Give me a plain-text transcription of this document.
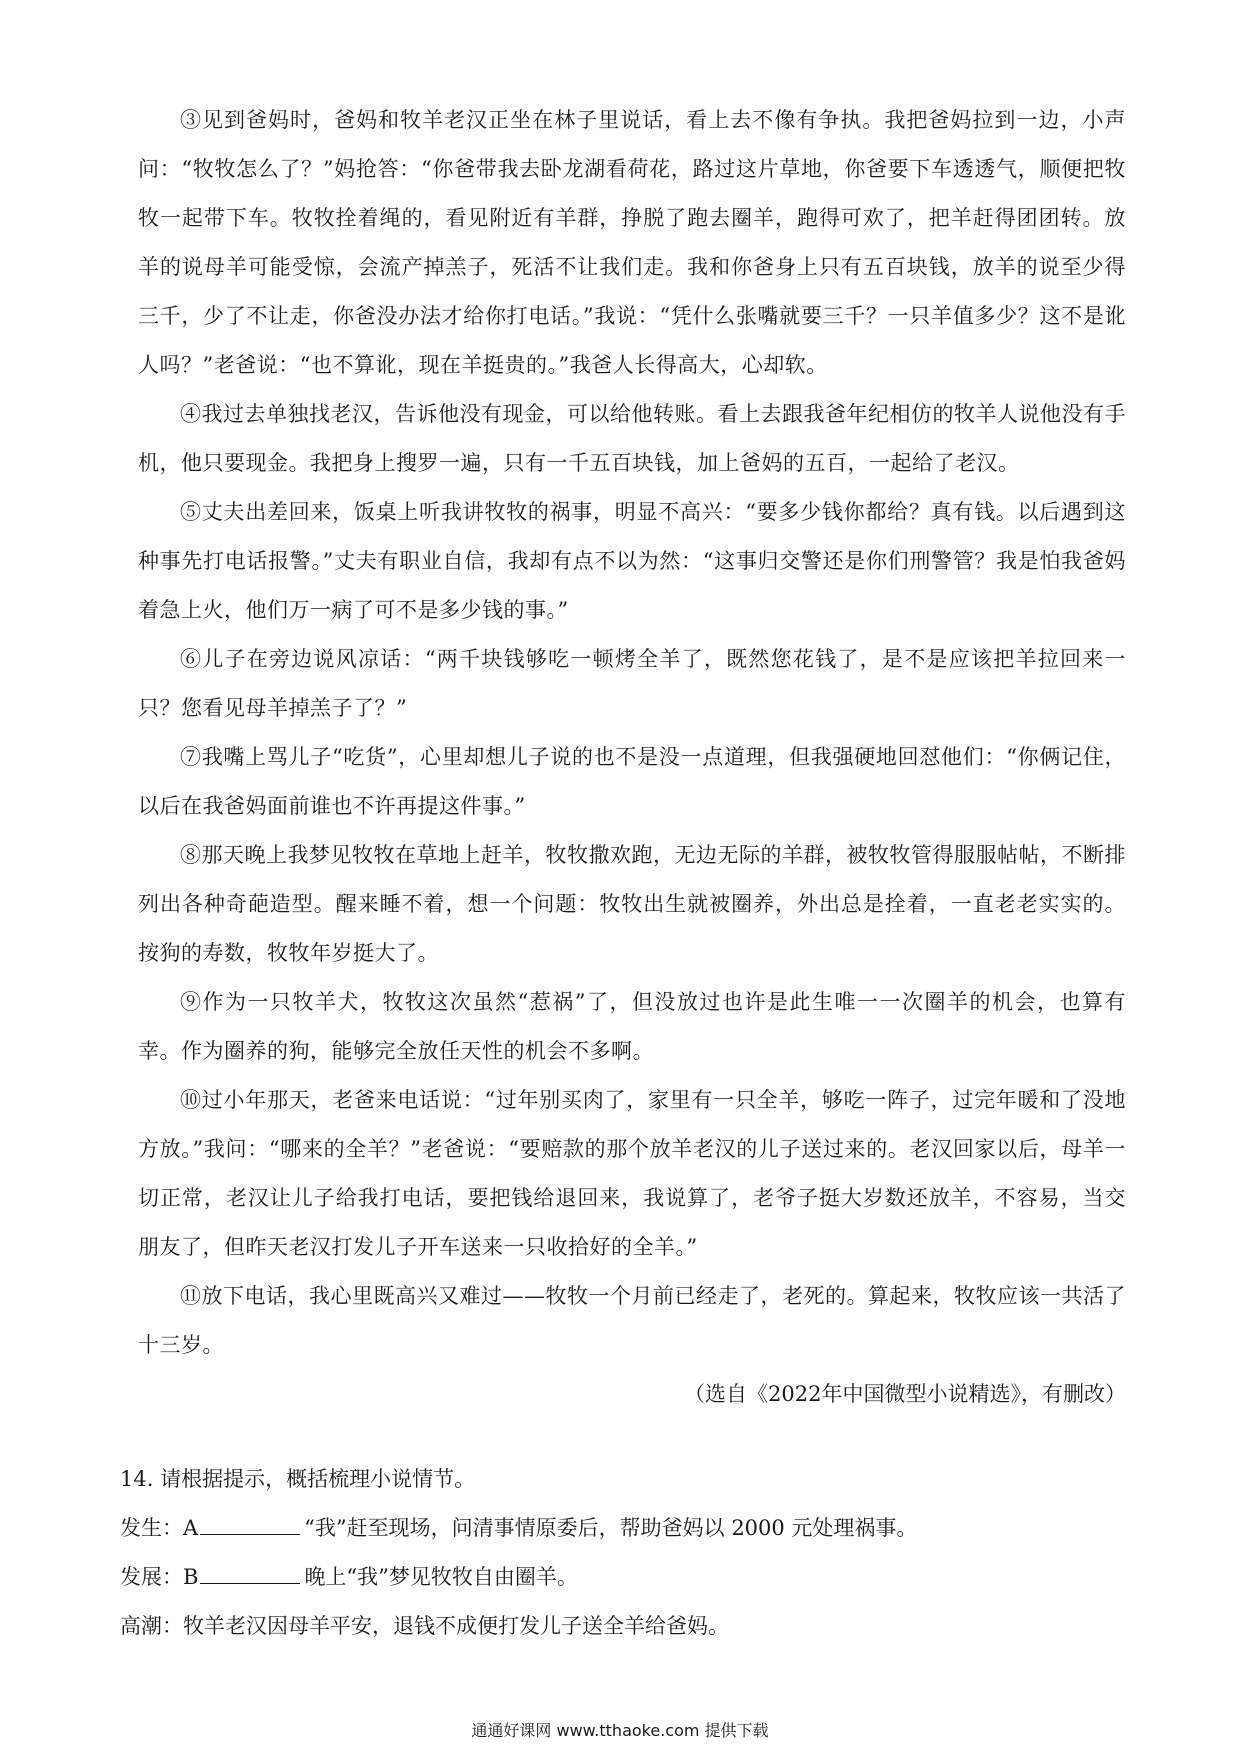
③见到爸妈时，爸妈和牧羊老汉正坐在林子里说话，看上去不像有争执。我把爸妈拉到一边，小声问：“牧牧怎么了？”妈抢答：“你爸带我去卧龙湖看荷花，路过这片草地，你爸要下车透透气，顺便把牧牧一起带下车。牧牧拴着绳的，看见附近有羊群，挣脱了跑去圈羊，跑得可欢了，把羊赶得团团转。放羊的说母羊可能受惊，会流产掉羔子，死活不让我们走。我和你爸身上只有五百块钱，放羊的说至少得三千，少了不让走，你爸没办法才给你打电话。”我说：“凭什么张嘴就要三千？一只羊值多少？这不是讹人吗？”老爸说：“也不算讹，现在羊挺贵的。”我爸人长得高大，心却软。

④我过去单独找老汉，告诉他没有现金，可以给他转账。看上去跟我爸年纪相仿的牧羊人说他没有手机，他只要现金。我把身上搜罗一遍，只有一千五百块钱，加上爸妈的五百，一起给了老汉。

⑤丈夫出差回来，饭桌上听我讲牧牧的祸事，明显不高兴：“要多少钱你都给？真有钱。以后遇到这种事先打电话报警。”丈夫有职业自信，我却有点不以为然：“这事归交警还是你们刑警管？我是怕我爸妈着急上火，他们万一病了可不是多少钱的事。”

⑥儿子在旁边说风凉话：“两千块钱够吃一顿烤全羊了，既然您花钱了，是不是应该把羊拉回来一只？您看见母羊掉羔子了？”

⑦我嘴上骂儿子“吃货”，心里却想儿子说的也不是没一点道理，但我强硬地回怼他们：“你俩记住，以后在我爸妈面前谁也不许再提这件事。”

⑧那天晚上我梦见牧牧在草地上赶羊，牧牧撒欢跑，无边无际的羊群，被牧牧管得服服帖帖，不断排列出各种奇葩造型。醒来睡不着，想一个问题：牧牧出生就被圈养，外出总是拴着，一直老老实实的。按狗的寿数，牧牧年岁挺大了。

⑨作为一只牧羊犬，牧牧这次虽然“惹祸”了，但没放过也许是此生唯一一次圈羊的机会，也算有幸。作为圈养的狗，能够完全放任天性的机会不多啊。

⑩过小年那天，老爸来电话说：“过年别买肉了，家里有一只全羊，够吃一阵子，过完年暖和了没地方放。”我问：“哪来的全羊？”老爸说：“要赔款的那个放羊老汉的儿子送过来的。老汉回家以后，母羊一切正常，老汉让儿子给我打电话，要把钱给退回来，我说算了，老爷子挺大岁数还放羊，不容易，当交朋友了，但昨天老汉打发儿子开车送来一只收拾好的全羊。”

⑪放下电话，我心里既高兴又难过——牧牧一个月前已经走了，老死的。算起来，牧牧应该一共活了十三岁。

（选自《2022年中国微型小说精选》，有删改）

14. 请根据提示，概括梳理小说情节。

发生：A	“我”赶至现场，问清事情原委后，帮助爸妈以 2000 元处理祸事。

发展：B	晚上“我”梦见牧牧自由圈羊。

高潮：牧羊老汉因母羊平安，退钱不成便打发儿子送全羊给爸妈。

通通好课网 www.tthaoke.com 提供下载
